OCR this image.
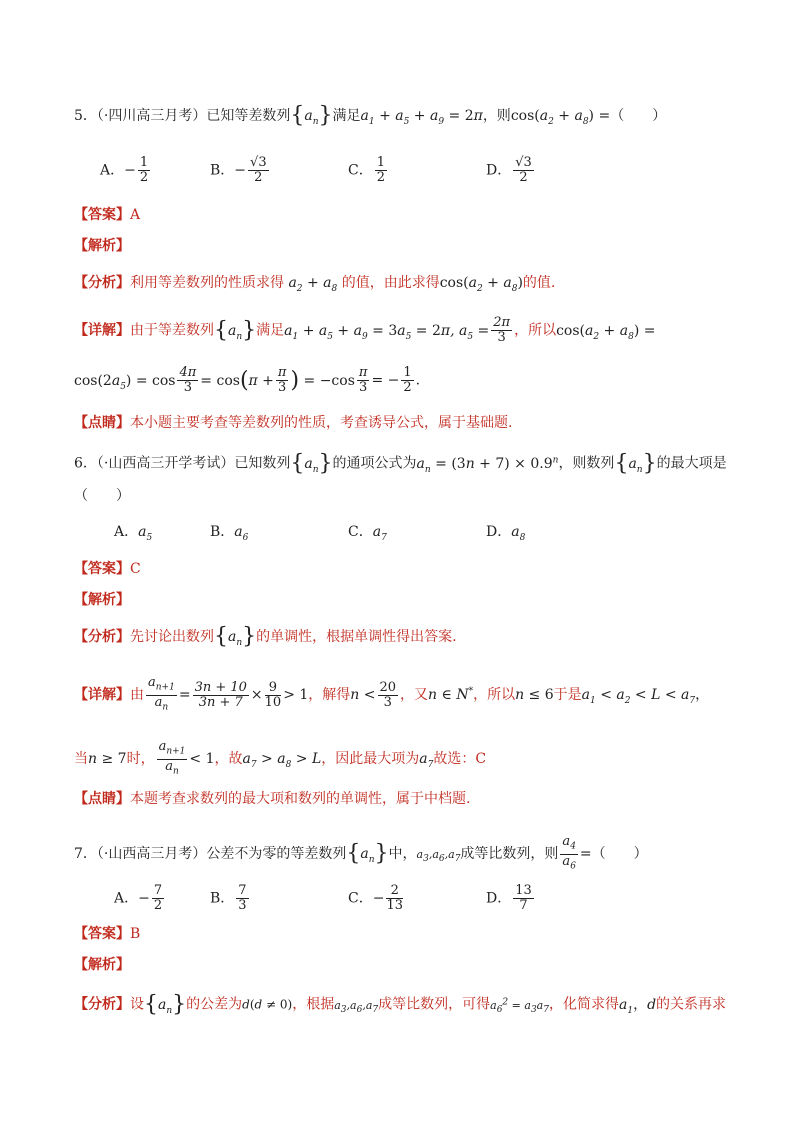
5．（·四川高三月考）已知等差数列$\{a_n\}$满足$a_1 + a_5 + a_9 = 2\pi$，则$\cos(a_2 + a_8)$ =（　　）
A．− $\frac{1}{2}$	B．− $\frac{√3}{2}$	C． $\frac{1}{2}$	D． $\frac{√3}{2}$
【答案】A
【解析】
【分析】利用等差数列的性质求得 $a_2 + a_8$ 的值，由此求得$\cos(a_2 + a_8)$的值.
【详解】由于等差数列$\{a_n\}$满足$a_1 + a_5 + a_9 = 3a_5 = 2\pi$, $a_5 = \frac{2\pi}{3}$ ，所以$\cos(a_2 + a_8)$ =
$\cos(2a_5) = \cos \frac{4\pi}{3} = \cos(\pi + \frac{\pi}{3}$ ) = $-\cos \frac{\pi}{3}$ = − $\frac{1}{2}$ .
【点睛】本小题主要考查等差数列的性质，考查诱导公式，属于基础题.
6．（·山西高三开学考试）已知数列$\{a_n\}$的通项公式为$a_n = (3n + 7) \times 0.9^n$，则数列$\{a_n\}$的最大项是
（　　）
A．$a_5$	B．$a_6$	C．$a_7$	D．$a_8$
【答案】C
【解析】
【分析】先讨论出数列$\{a_n\}$的单调性，根据单调性得出答案.
【详解】由 $\frac{a_{n+1}}{a_n} = \frac{3n + 10}{3n + 7} \times \frac{9}{10} > 1$，解得$n < \frac{20}{3}$ ，又n ∈ N*，所以n ≤ 6于是$a_1 < a_2 < L < a_7$，
当n ≥ 7时， $\frac{a_{n+1}}{a_n} < 1$，故$a_7 > a_8 > L$，因此最大项为$a_7$故选：C
【点睛】本题考查求数列的最大项和数列的单调性，属于中档题.
7．（·山西高三月考）公差不为零的等差数列$\{a_n\}$中，$a_3,a_6,a_7$成等比数列，则 $\frac{a_4}{a_6}$ =（　　）
A．− $\frac{7}{2}$	B． $\frac{7}{3}$	C．− $\frac{2}{13}$	D． $\frac{13}{7}$
【答案】B
【解析】
【分析】设$\{a_n\}$的公差为d(d ≠ 0)，根据$a_3,a_6,a_7$成等比数列，可得$a_6^2 = a_3a_7$，化简求得$a_1$，d的关系再求
